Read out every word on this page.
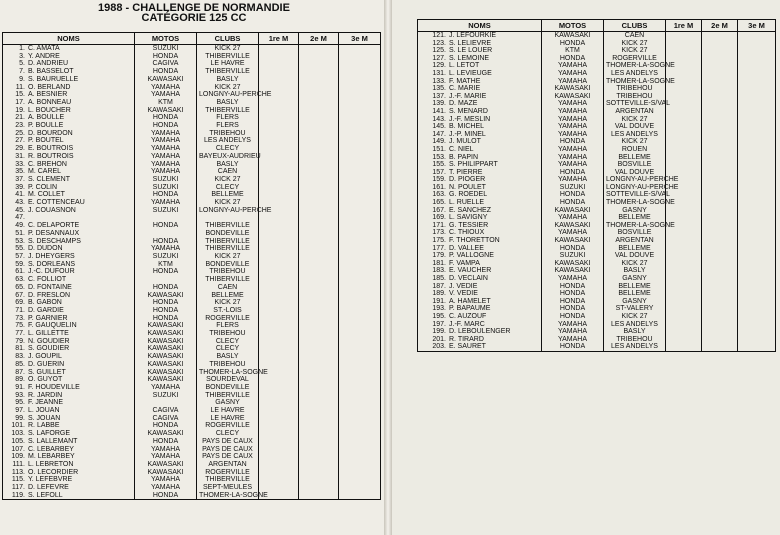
1988 - CHALLENGE DE NORMANDIE
CATÉGORIE 125 CC
NOMS	MOTOS	CLUBS	1re M	2e M	3e M
1. C. AMATA	SUZUKI	KICK 27			
3. Y. ANDRE	HONDA	THIBERVILLE			
5. D. ANDRIEU	CAGIVA	LE HAVRE			
7. B. BASSELOT	HONDA	THIBERVILLE			
9. S. BAURUELLE	KAWASAKI	BASLY			
11. O. BERLAND	YAMAHA	KICK 27			
15. A. BESNIER	YAMAHA	LONGNY-AU-PERCHE			
17. A. BONNEAU	KTM	BASLY			
19. L. BOUCHER	KAWASAKI	THIBERVILLE			
21. A. BOULLE	HONDA	FLERS			
23. P. BOULLE	HONDA	FLERS			
25. D. BOURDON	YAMAHA	TRIBEHOU			
27. P. BOUTEL	YAMAHA	LES ANDELYS			
29. E. BOUTROIS	YAMAHA	CLECY			
31. R. BOUTROIS	YAMAHA	BAYEUX-AUDRIEU			
33. C. BREHON	YAMAHA	BASLY			
35. M. CAREL	YAMAHA	CAEN			
37. S. CLEMENT	SUZUKI	KICK 27			
39. P. COLIN	SUZUKI	CLECY			
41. M. COLLET	HONDA	BELLEME			
43. E. COTTENCEAU	YAMAHA	KICK 27			
45. J. COUASNON	SUZUKI	LONGNY-AU-PERCHE			
47.					
49. C. DELAPORTE	HONDA	THIBERVILLE			
51. P. DESANNAUX		BONDEVILLE			
53. S. DESCHAMPS	HONDA	THIBERVILLE			
55. D. DUDON	YAMAHA	THIBERVILLE			
57. J. DHEYGERS	SUZUKI	KICK 27			
59. S. DORLEANS	KTM	BONDEVILLE			
61. J.-C. DUFOUR	HONDA	TRIBEHOU			
63. C. FOLLIOT		THIBERVILLE			
65. D. FONTAINE	HONDA	CAEN			
67. D. FRESLON	KAWASAKI	BELLEME			
69. B. GABON	HONDA	KICK 27			
71. D. GARDIE	HONDA	ST.-LOIS			
73. P. GARNIER	HONDA	ROGERVILLE			
75. F. GAUQUELIN	KAWASAKI	FLERS			
77. L. GILLETTE	KAWASAKI	TRIBEHOU			
79. N. GOUDIER	KAWASAKI	CLECY			
81. S. GOUDIER	KAWASAKI	CLECY			
83. J. GOUPIL	KAWASAKI	BASLY			
85. D. GUERIN	KAWASAKI	TRIBEHOU			
87. S. GUILLET	KAWASAKI	THOMER-LA-SOGNE			
89. O. GUYOT	KAWASAKI	SOURDEVAL			
91. F. HOUDEVILLE	YAMAHA	BONDEVILLE			
93. R. JARDIN	SUZUKI	THIBERVILLE			
95. F. JEANNE		GASNY			
97. L. JOUAN	CAGIVA	LE HAVRE			
99. S. JOUAN	CAGIVA	LE HAVRE			
101. R. LABBE	HONDA	ROGERVILLE			
103. S. LAFORGE	KAWASAKI	CLECY			
105. S. LALLEMANT	HONDA	PAYS DE CAUX			
107. C. LEBARBEY	YAMAHA	PAYS DE CAUX			
109. M. LEBARBEY	YAMAHA	PAYS DE CAUX			
111. L. LEBRETON	KAWASAKI	ARGENTAN			
113. O. LECORDIER	KAWASAKI	ROGERVILLE			
115. Y. LEFEBVRE	YAMAHA	THIBERVILLE			
117. D. LEFEVRE	YAMAHA	SEPT-MEULES			
119. S. LEFOLL	HONDA	THOMER-LA-SOGNE			
NOMS	MOTOS	CLUBS	1re M	2e M	3e M
121. J. LEFOURKIE	KAWASAKI	CAEN			
123. S. LELIEVRE	HONDA	KICK 27			
125. S. LE LOUER	KTM	KICK 27			
127. S. LEMOINE	HONDA	ROGERVILLE			
129. L. LETOT	YAMAHA	THOMER-LA-SOGNE			
131. L. LEVIEUGE	YAMAHA	LES ANDELYS			
133. F. MATHE	YAMAHA	THOMER-LA-SOGNE			
135. C. MARIE	KAWASAKI	TRIBEHOU			
137. J.-F. MARIE	KAWASAKI	TRIBEHOU			
139. D. MAZE	YAMAHA	SOTTEVILLE-S/VAL			
141. S. MENARD	YAMAHA	ARGENTAN			
143. J.-F. MESLIN	YAMAHA	KICK 27			
145. B. MICHEL	YAMAHA	VAL DOUVE			
147. J.-P. MINEL	YAMAHA	LES ANDELYS			
149. J. MULOT	HONDA	KICK 27			
151. C. NIEL	YAMAHA	ROUEN			
153. B. PAPIN	YAMAHA	BELLEME			
155. S. PHILIPPART	YAMAHA	BOSVILLE			
157. T. PIERRE	HONDA	VAL DOUVE			
159. D. PIOGER	YAMAHA	LONGNY-AU-PERCHE			
161. N. POULET	SUZUKI	LONGNY-AU-PERCHE			
163. G. ROEDEL	HONDA	SOTTEVILLE-S/VAL			
165. L. RUELLE	HONDA	THOMER-LA-SOGNE			
167. E. SANCHEZ	KAWASAKI	GASNY			
169. L. SAVIGNY	YAMAHA	BELLEME			
171. G. TESSIER	KAWASAKI	THOMER-LA-SOGNE			
173. C. THIOUX	YAMAHA	BOSVILLE			
175. F. THORETTON	KAWASAKI	ARGENTAN			
177. D. VALLEE	HONDA	BELLEME			
179. P. VALLOGNE	SUZUKI	VAL DOUVE			
181. F. VAMPA	KAWASAKI	KICK 27			
183. E. VAUCHER	KAWASAKI	BASLY			
185. D. VECLAIN	YAMAHA	GASNY			
187. J. VEDIE	HONDA	BELLEME			
189. V. VEDIE	HONDA	BELLEME			
191. A. HAMELET	HONDA	GASNY			
193. P. BAPAUME	HONDA	ST-VALERY			
195. C. AUZOUF	HONDA	KICK 27			
197. J.-F. MARC	YAMAHA	LES ANDELYS			
199. D. LEBOULENGER	YAMAHA	BASLY			
201. R. TIRARD	YAMAHA	TRIBEHOU			
203. E. SAURET	HONDA	LES ANDELYS			
